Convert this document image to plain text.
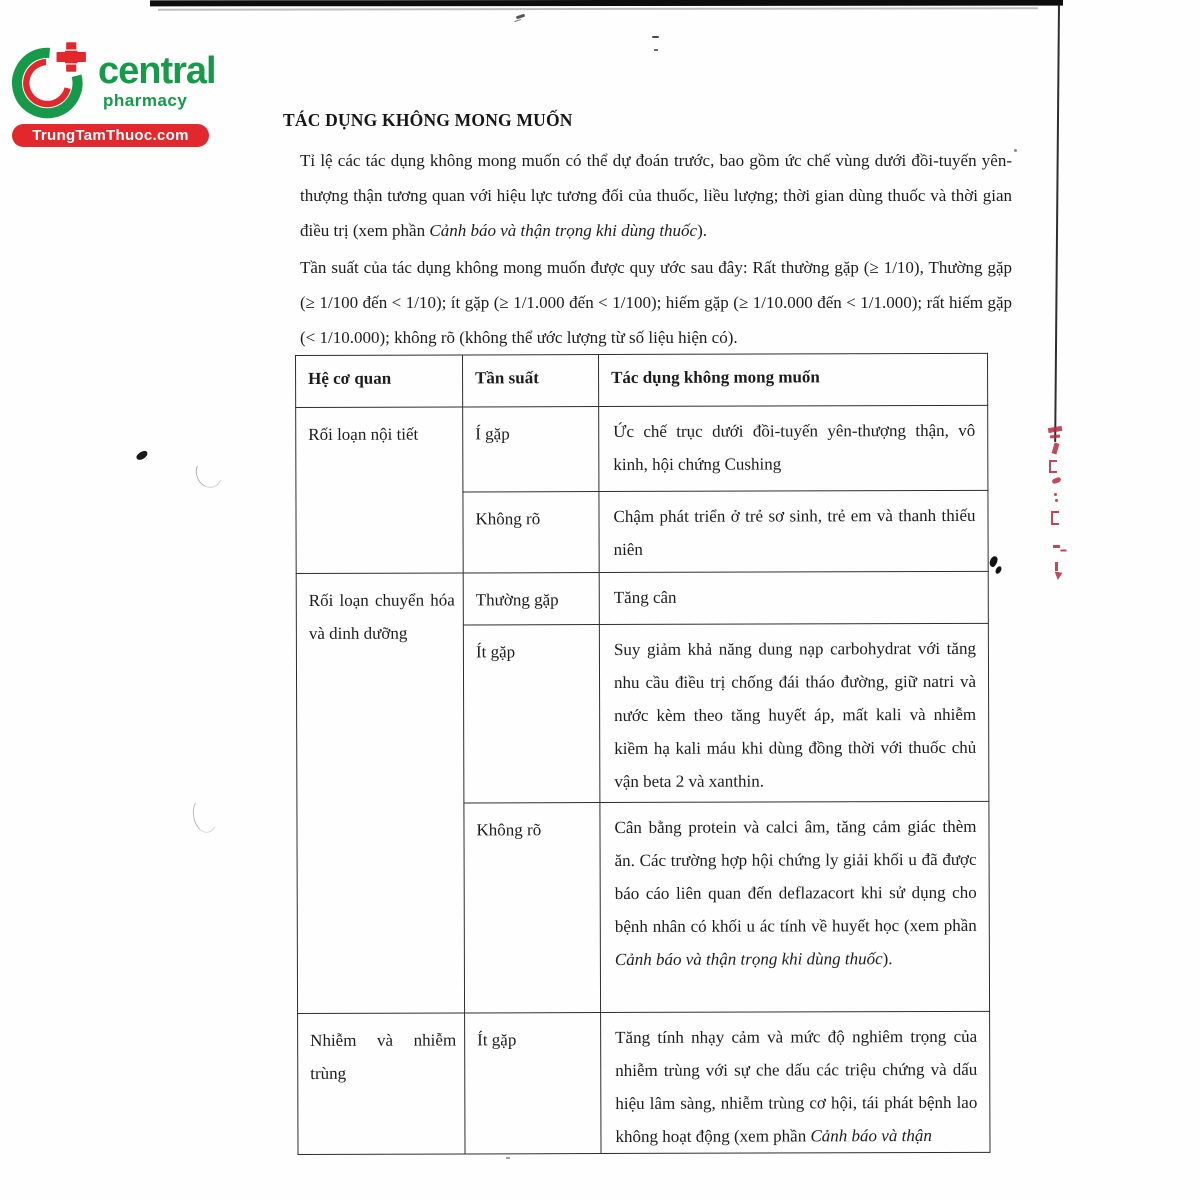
central
pharmacy
TrungTamThuoc.com
TÁC DỤNG KHÔNG MONG MUỐN

Tỉ lệ các tác dụng không mong muốn có thể dự đoán trước, bao gồm ức chế vùng dưới đồi-tuyến yên-thượng thận tương quan với hiệu lực tương đối của thuốc, liều lượng; thời gian dùng thuốc và thời gian điều trị (xem phần Cảnh báo và thận trọng khi dùng thuốc).

Tần suất của tác dụng không mong muốn được quy ước sau đây: Rất thường gặp (≥ 1/10), Thường gặp (≥ 1/100 đến < 1/10); ít gặp (≥ 1/1.000 đến < 1/100); hiếm gặp (≥ 1/10.000 đến < 1/1.000); rất hiếm gặp (< 1/10.000); không rõ (không thể ước lượng từ số liệu hiện có).

Hệ cơ quan	Tần suất	Tác dụng không mong muốn
Rối loạn nội tiết	Í gặp	Ức chế trục dưới đồi-tuyến yên-thượng thận, vô kinh, hội chứng Cushing
	Không rõ	Chậm phát triển ở trẻ sơ sinh, trẻ em và thanh thiếu niên
Rối loạn chuyển hóa và dinh dưỡng	Thường gặp	Tăng cân
	Ít gặp	Suy giảm khả năng dung nạp carbohydrat với tăng nhu cầu điều trị chống đái tháo đường, giữ natri và nước kèm theo tăng huyết áp, mất kali và nhiễm kiềm hạ kali máu khi dùng đồng thời với thuốc chủ vận beta 2 và xanthin.
	Không rõ	Cân bằng protein và calci âm, tăng cảm giác thèm ăn. Các trường hợp hội chứng ly giải khối u đã được báo cáo liên quan đến deflazacort khi sử dụng cho bệnh nhân có khối u ác tính về huyết học (xem phần Cảnh báo và thận trọng khi dùng thuốc).
Nhiễm và nhiễm trùng	Ít gặp	Tăng tính nhạy cảm và mức độ nghiêm trọng của nhiễm trùng với sự che dấu các triệu chứng và dấu hiệu lâm sàng, nhiễm trùng cơ hội, tái phát bệnh lao không hoạt động (xem phần Cảnh báo và thận
